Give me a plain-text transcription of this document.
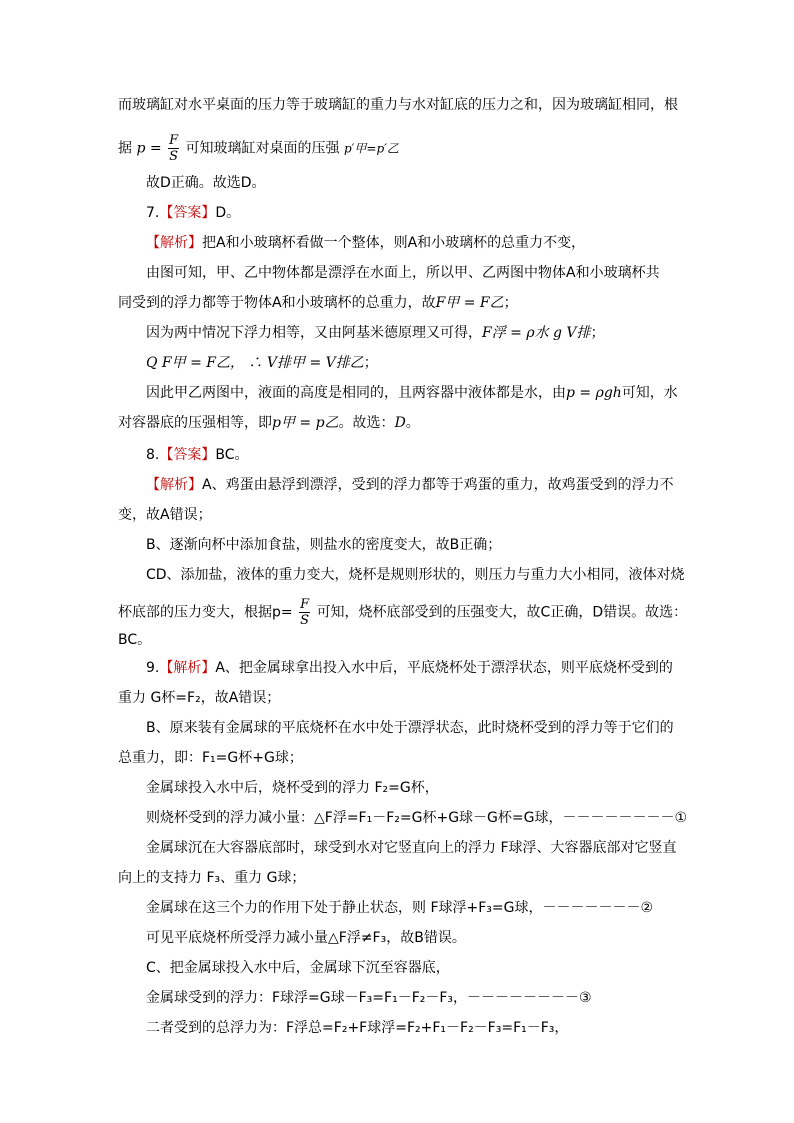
而玻璃缸对水平桌面的压力等于玻璃缸的重力与水对缸底的压力之和，因为玻璃缸相同，根
据 $p = \frac{F}{S}$ 可知玻璃缸对桌面的压强 p′甲=p′乙
故D正确。故选D。
7.【答案】D。
【解析】把A和小玻璃杯看做一个整体，则A和小玻璃杯的总重力不变，
由图可知，甲、乙中物体都是漂浮在水面上，所以甲、乙两图中物体A和小玻璃杯共
同受到的浮力都等于物体A和小玻璃杯的总重力，故F甲 = F乙；
因为两中情况下浮力相等，又由阿基米德原理又可得，F浮 = ρ水 g V排；
Q F甲 = F乙， ∴ V排甲 = V排乙；
因此甲乙两图中，液面的高度是相同的，且两容器中液体都是水，由p = ρgh可知，水
对容器底的压强相等，即p甲 = p乙。故选：D。
8.【答案】BC。
【解析】A、鸡蛋由悬浮到漂浮，受到的浮力都等于鸡蛋的重力，故鸡蛋受到的浮力不
变，故A错误；
B、逐渐向杯中添加食盐，则盐水的密度变大，故B正确；
CD、添加盐，液体的重力变大，烧杯是规则形状的，则压力与重力大小相同，液体对烧
杯底部的压力变大，根据$p= \frac{F}{S}$ 可知，烧杯底部受到的压强变大，故C正确，D错误。故选：
BC。
9.【解析】A、把金属球拿出投入水中后，平底烧杯处于漂浮状态，则平底烧杯受到的
重力 G杯=F₂，故A错误；
B、原来装有金属球的平底烧杯在水中处于漂浮状态，此时烧杯受到的浮力等于它们的
总重力，即：F₁=G杯+G球；
金属球投入水中后，烧杯受到的浮力 F₂=G杯，
则烧杯受到的浮力减小量：△F浮=F₁－F₂=G杯+G球－G杯=G球，－－－－－－－－①
金属球沉在大容器底部时，球受到水对它竖直向上的浮力 F球浮、大容器底部对它竖直
向上的支持力 F₃、重力 G球；
金属球在这三个力的作用下处于静止状态，则 F球浮+F₃=G球，－－－－－－－②
可见平底烧杯所受浮力减小量△F浮≠F₃，故B错误。
C、把金属球投入水中后，金属球下沉至容器底，
金属球受到的浮力：F球浮=G球－F₃=F₁－F₂－F₃，－－－－－－－－③
二者受到的总浮力为：F浮总=F₂+F球浮=F₂+F₁－F₂－F₃=F₁－F₃，
